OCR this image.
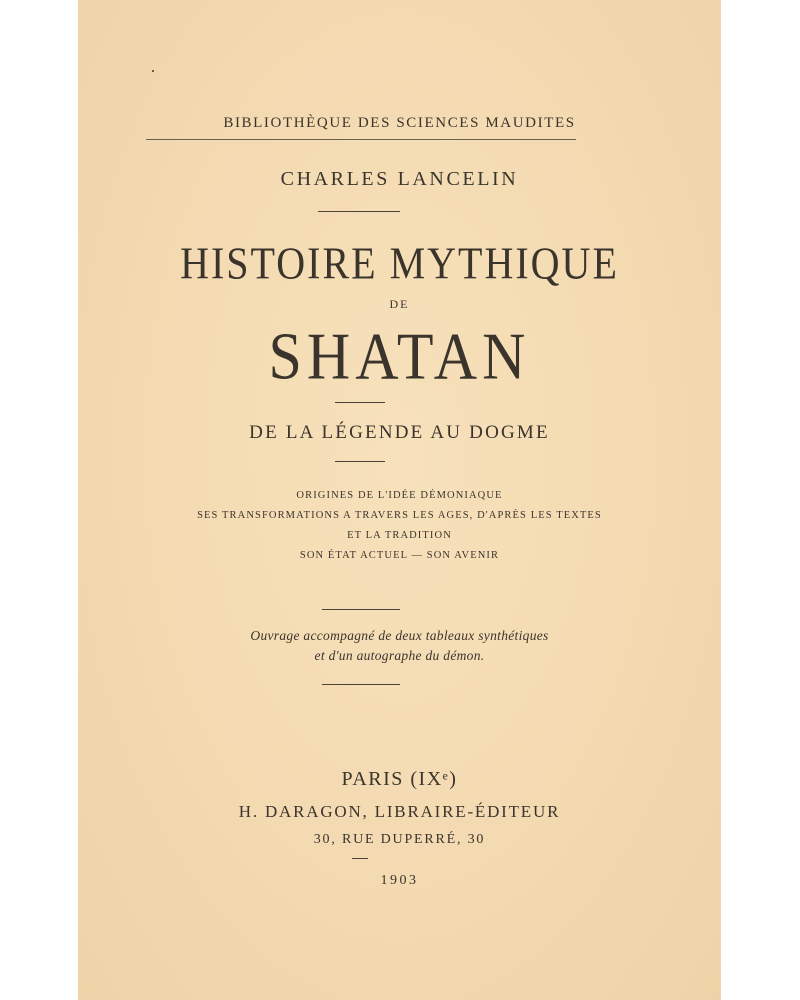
BIBLIOTHÈQUE DES SCIENCES MAUDITES
CHARLES LANCELIN
HISTOIRE MYTHIQUE
DE
SHATAN
DE LA LÉGENDE AU DOGME
ORIGINES DE L'IDÉE DÉMONIAQUE
SES TRANSFORMATIONS A TRAVERS LES AGES, D'APRÈS LES TEXTES
ET LA TRADITION
SON ÉTAT ACTUEL — SON AVENIR
Ouvrage accompagné de deux tableaux synthétiques
et d'un autographe du démon.
PARIS (IXᵉ)
H. DARAGON, LIBRAIRE-ÉDITEUR
30, RUE DUPERRÉ, 30
1903
